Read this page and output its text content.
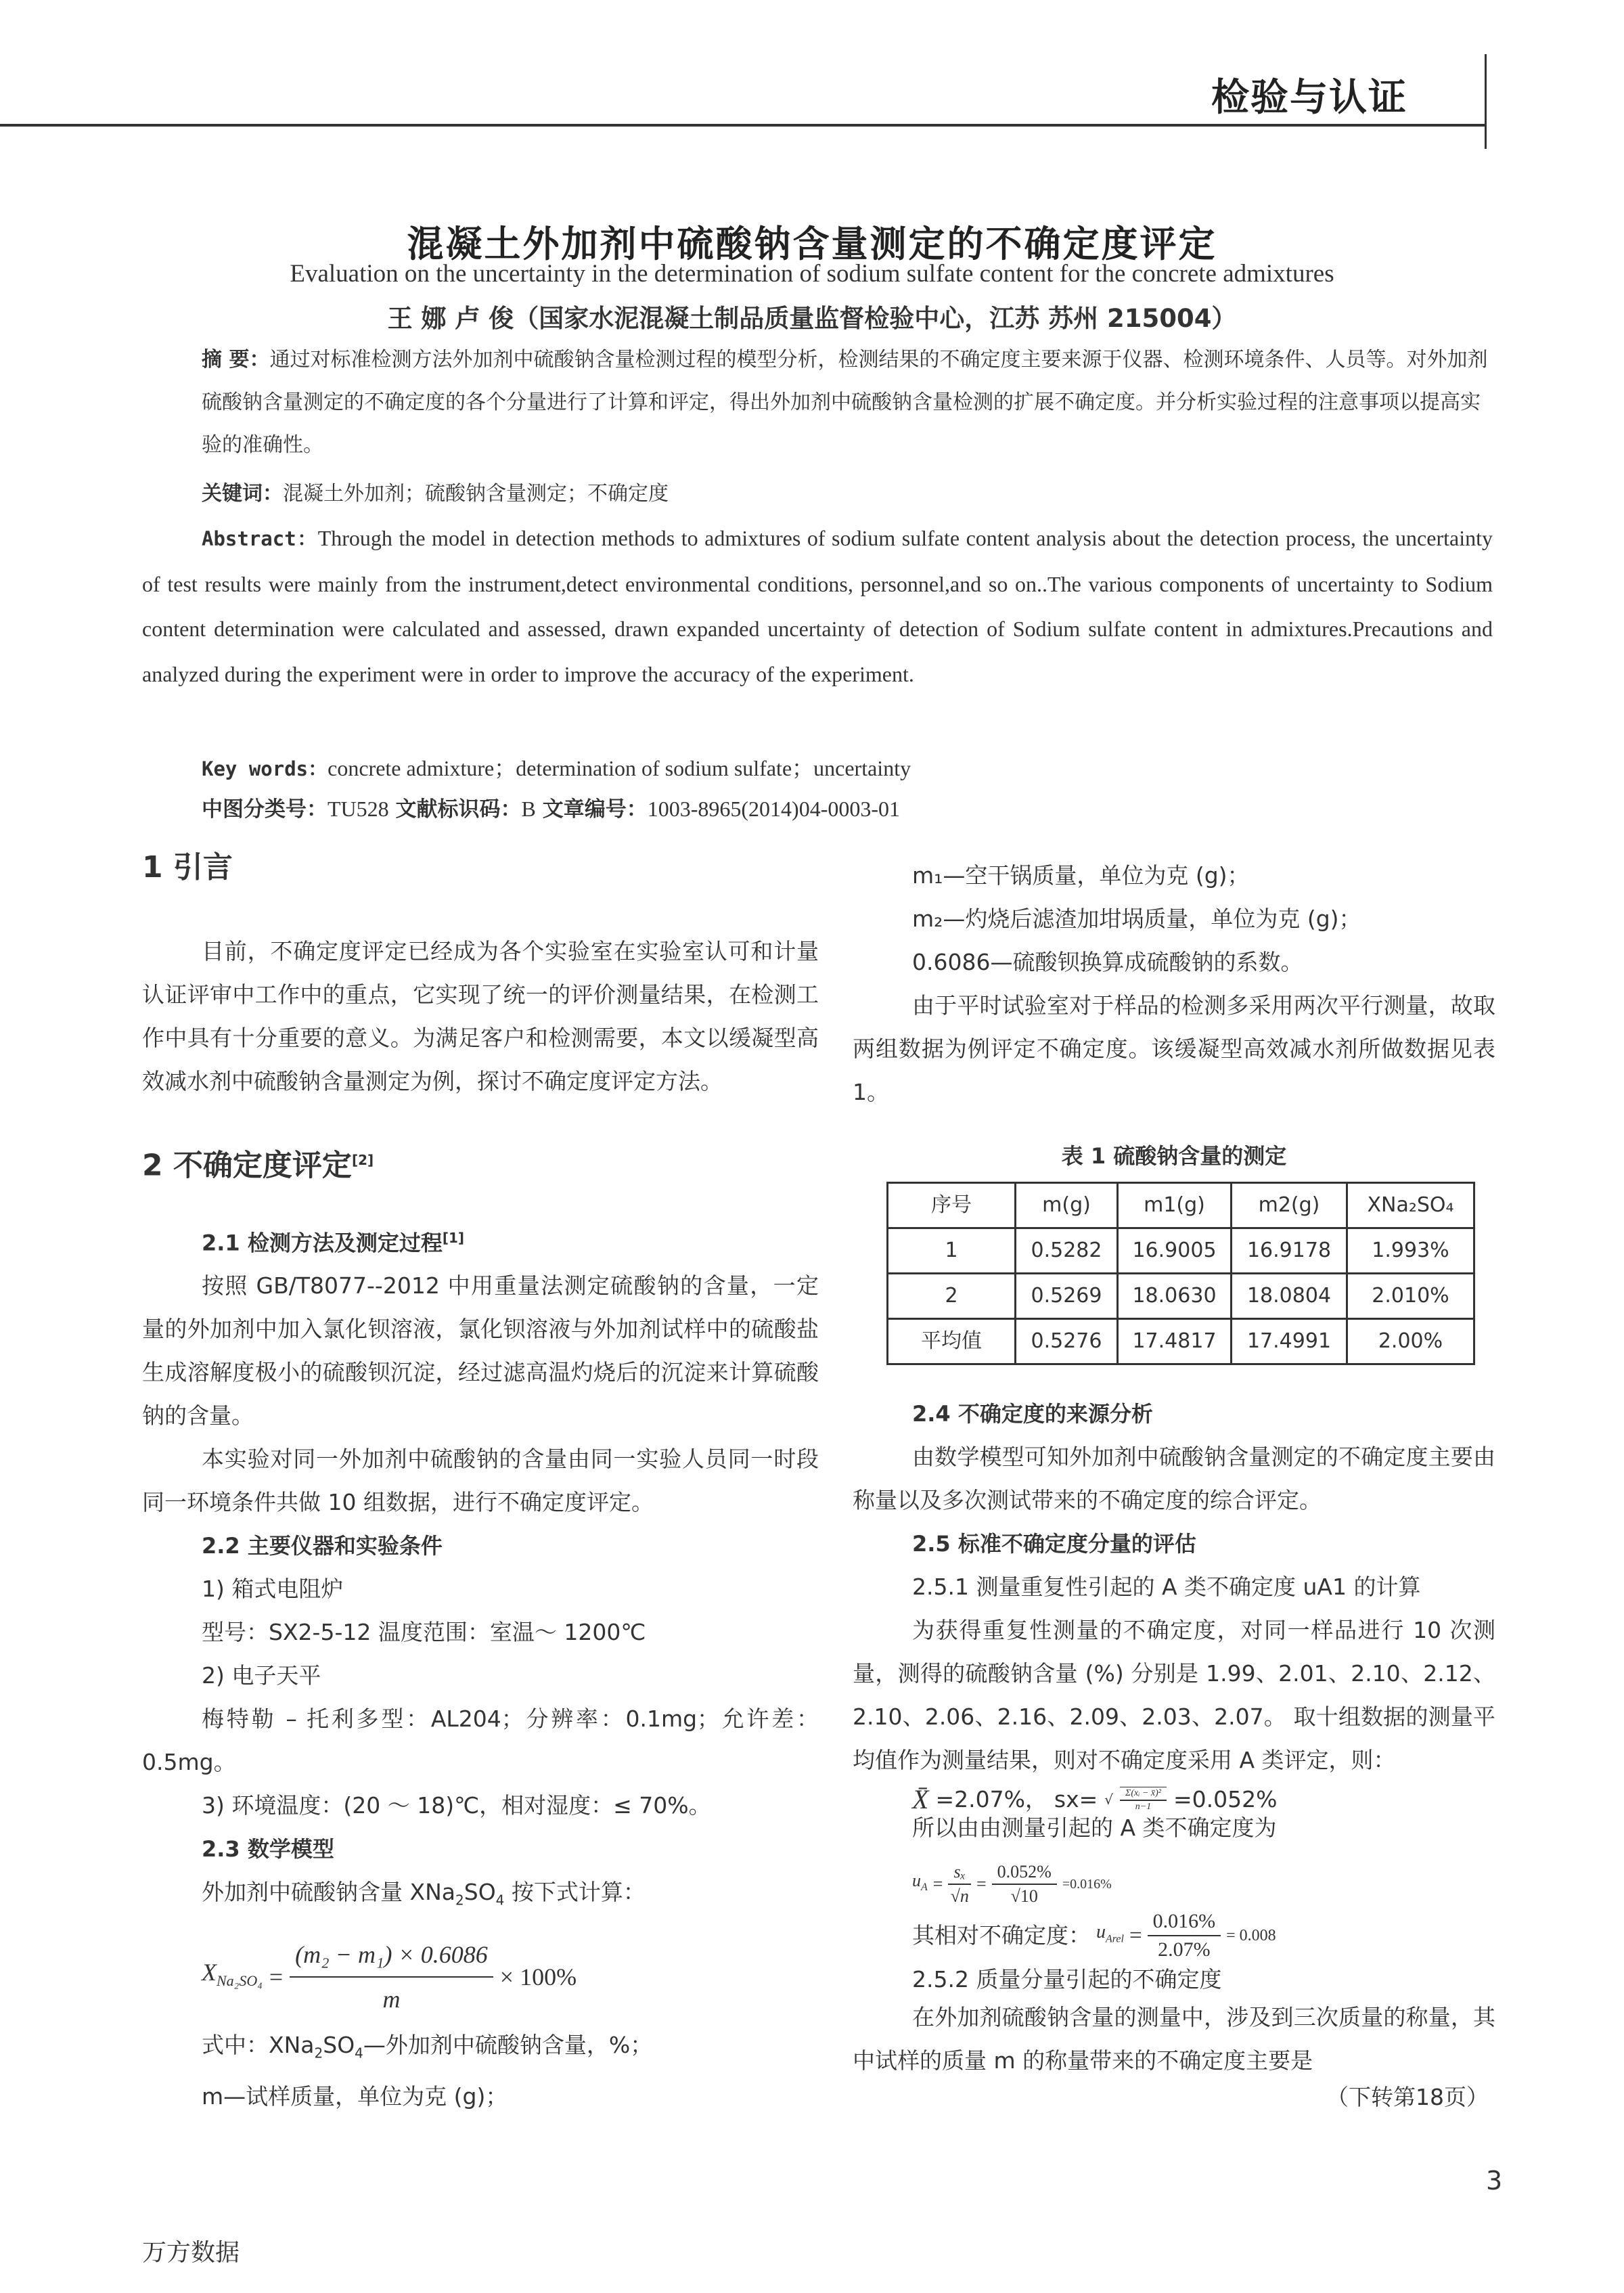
检验与认证
混凝土外加剂中硫酸钠含量测定的不确定度评定
Evaluation on the uncertainty in the determination of sodium sulfate content for the concrete admixtures
王 娜 卢 俊（国家水泥混凝土制品质量监督检验中心，江苏 苏州 215004）
摘 要：通过对标准检测方法外加剂中硫酸钠含量检测过程的模型分析，检测结果的不确定度主要来源于仪器、检测环境条件、人员等。对外加剂硫酸钠含量测定的不确定度的各个分量进行了计算和评定，得出外加剂中硫酸钠含量检测的扩展不确定度。并分析实验过程的注意事项以提高实验的准确性。
关键词：混凝土外加剂；硫酸钠含量测定；不确定度
Abstract：Through the model in detection methods to admixtures of sodium sulfate content analysis about the detection process, the uncertainty of test results were mainly from the instrument,detect environmental conditions, personnel,and so on..The various components of uncertainty to Sodium content determination were calculated and assessed, drawn expanded uncertainty of detection of Sodium sulfate content in admixtures.Precautions and analyzed during the experiment were in order to improve the accuracy of the experiment.
Key words：concrete admixture；determination of sodium sulfate；uncertainty
中图分类号：TU528 文献标识码：B 文章编号：1003-8965(2014)04-0003-01
1 引言
目前，不确定度评定已经成为各个实验室在实验室认可和计量认证评审中工作中的重点，它实现了统一的评价测量结果，在检测工作中具有十分重要的意义。为满足客户和检测需要，本文以缓凝型高效减水剂中硫酸钠含量测定为例，探讨不确定度评定方法。
2 不确定度评定[2]
2.1 检测方法及测定过程[1]
按照 GB/T8077--2012 中用重量法测定硫酸钠的含量，一定量的外加剂中加入氯化钡溶液，氯化钡溶液与外加剂试样中的硫酸盐生成溶解度极小的硫酸钡沉淀，经过滤高温灼烧后的沉淀来计算硫酸钠的含量。
本实验对同一外加剂中硫酸钠的含量由同一实验人员同一时段同一环境条件共做 10 组数据，进行不确定度评定。
2.2 主要仪器和实验条件
1) 箱式电阻炉
型号：SX2-5-12 温度范围：室温～ 1200℃
2) 电子天平
梅特勒 – 托利多型：AL204；分辨率：0.1mg；允许差：0.5mg。
3) 环境温度：(20 ～ 18)℃，相对湿度：≤ 70%。
2.3 数学模型
外加剂中硫酸钠含量 $XNa_2SO_4$ 按下式计算：
$X_{Na_2SO_4} = \frac{\text{(m₂ − m₁) × 0.6086}}{m} \times 100\%$
式中：$XNa_2SO_4—$外加剂中硫酸钠含量，%；
m—试样质量，单位为克 (g)；
m₁—空干锅质量，单位为克 (g)；
m₂—灼烧后滤渣加坩埚质量，单位为克 (g)；
0.6086—硫酸钡换算成硫酸钠的系数。
由于平时试验室对于样品的检测多采用两次平行测量，故取两组数据为例评定不确定度。该缓凝型高效减水剂所做数据见表 1。
表 1 硫酸钠含量的测定
序号	m(g)	m1(g)	m2(g)	XNa₂SO₄
1	0.5282	16.9005	16.9178	1.993%
2	0.5269	18.0630	18.0804	2.010%
平均值	0.5276	17.4817	17.4991	2.00%
2.4 不确定度的来源分析
由数学模型可知外加剂中硫酸钠含量测定的不确定度主要由称量以及多次测试带来的不确定度的综合评定。
2.5 标准不确定度分量的评估
2.5.1 测量重复性引起的 A 类不确定度 uA1 的计算
为获得重复性测量的不确定度，对同一样品进行 10 次测量，测得的硫酸钠含量 (%) 分别是 1.99、2.01、2.10、2.12、2.10、2.06、2.16、2.09、2.03、2.07。 取十组数据的测量平均值作为测量结果，则对不确定度采用 A 类评定，则：
X̄ =2.07%， sx= √ $\frac{\text{Σ(xᵢ − x̄)²}}{n-1} =0.052\%$
所以由由测量引起的 A 类不确定度为
$u_A = \frac{\text{sₓ}}{√n} = \frac{0.052\%}{√10} =0.016\%$
其相对不确定度： $u_{Arel} = \frac{0.016\%}{2.07\%} = 0.008$
2.5.2 质量分量引起的不确定度
在外加剂硫酸钠含量的测量中，涉及到三次质量的称量，其中试样的质量 m 的称量带来的不确定度主要是
（下转第18页）
3
万方数据
